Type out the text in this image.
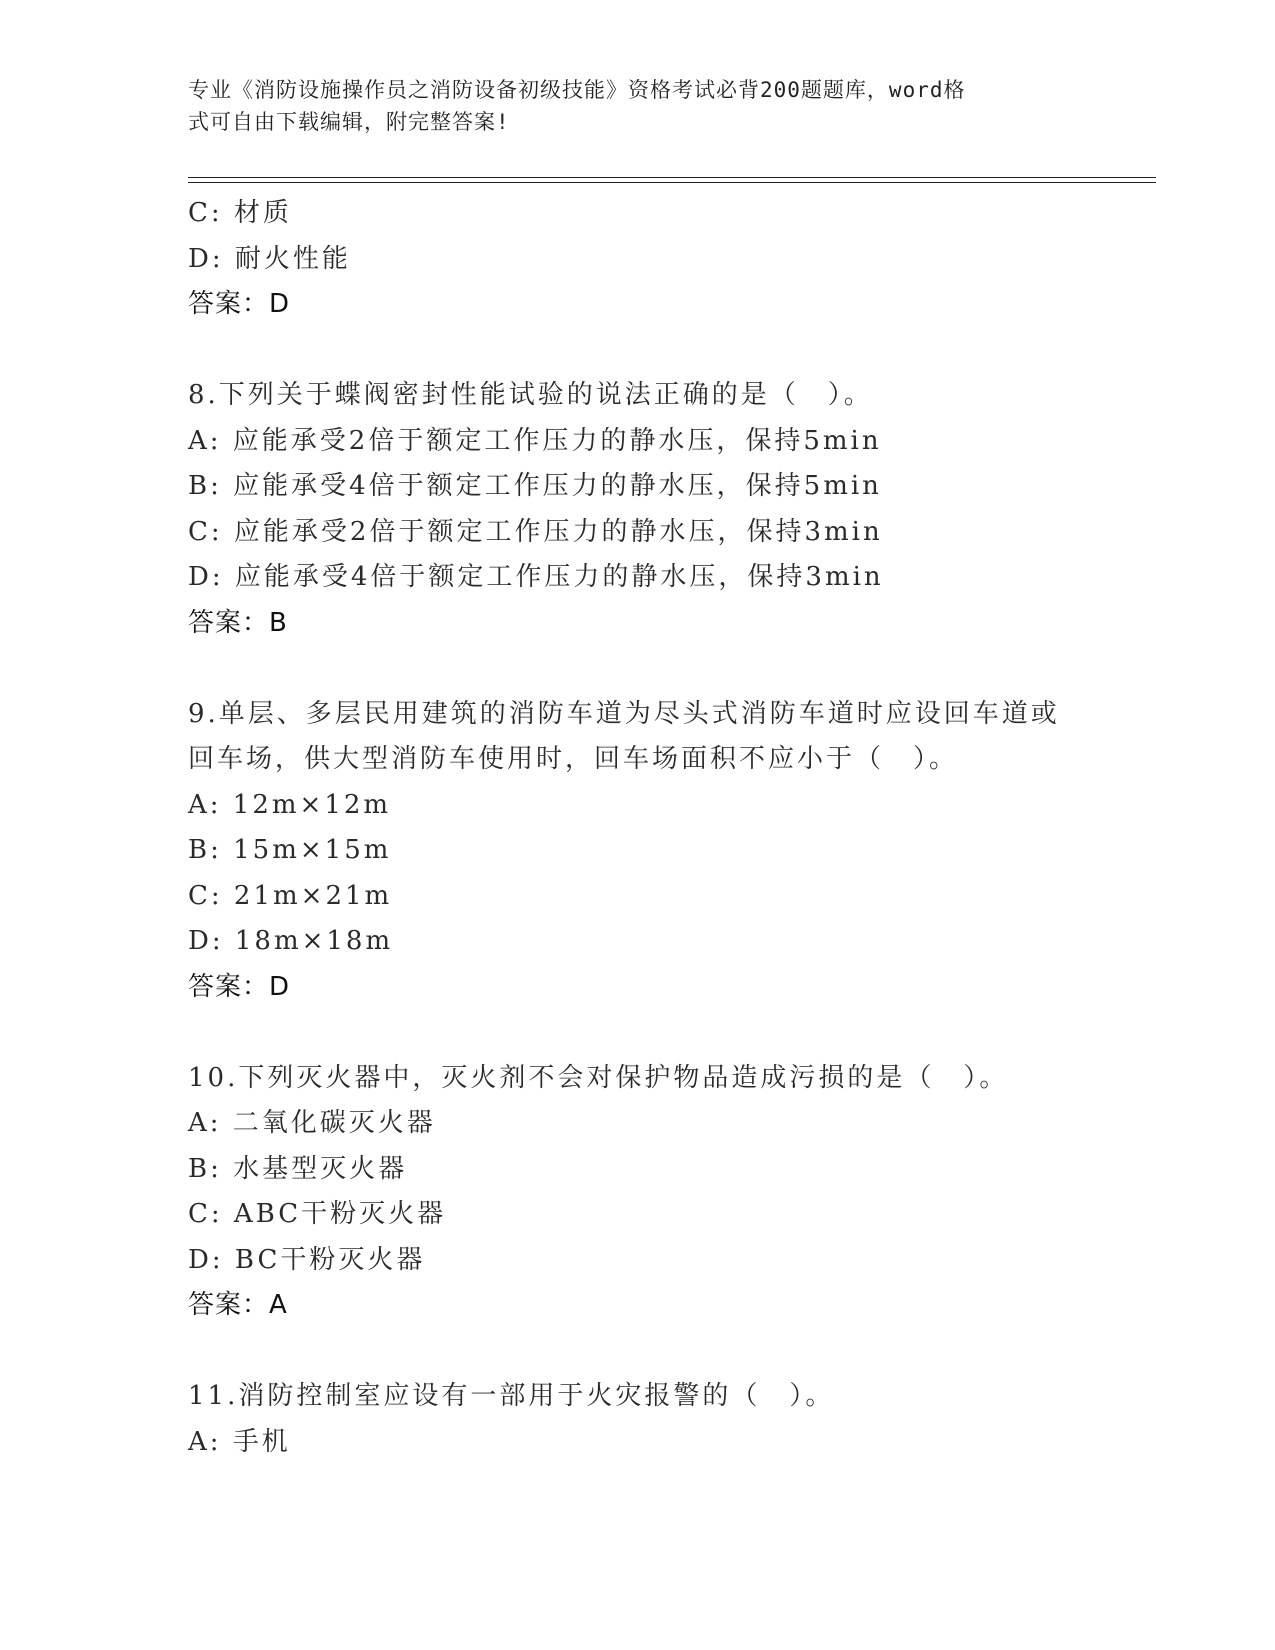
专业《消防设施操作员之消防设备初级技能》资格考试必背200题题库，word格
式可自由下载编辑，附完整答案!
C: 材质
D: 耐火性能
答案：D
8.下列关于蝶阀密封性能试验的说法正确的是（　）。
A: 应能承受2倍于额定工作压力的静水压，保持5min
B: 应能承受4倍于额定工作压力的静水压，保持5min
C: 应能承受2倍于额定工作压力的静水压，保持3min
D: 应能承受4倍于额定工作压力的静水压，保持3min
答案：B
9.单层、多层民用建筑的消防车道为尽头式消防车道时应设回车道或
回车场，供大型消防车使用时，回车场面积不应小于（　）。
A: 12m×12m
B: 15m×15m
C: 21m×21m
D: 18m×18m
答案：D
10.下列灭火器中，灭火剂不会对保护物品造成污损的是（　）。
A: 二氧化碳灭火器
B: 水基型灭火器
C: ABC干粉灭火器
D: BC干粉灭火器
答案：A
11.消防控制室应设有一部用于火灾报警的（　）。
A: 手机
